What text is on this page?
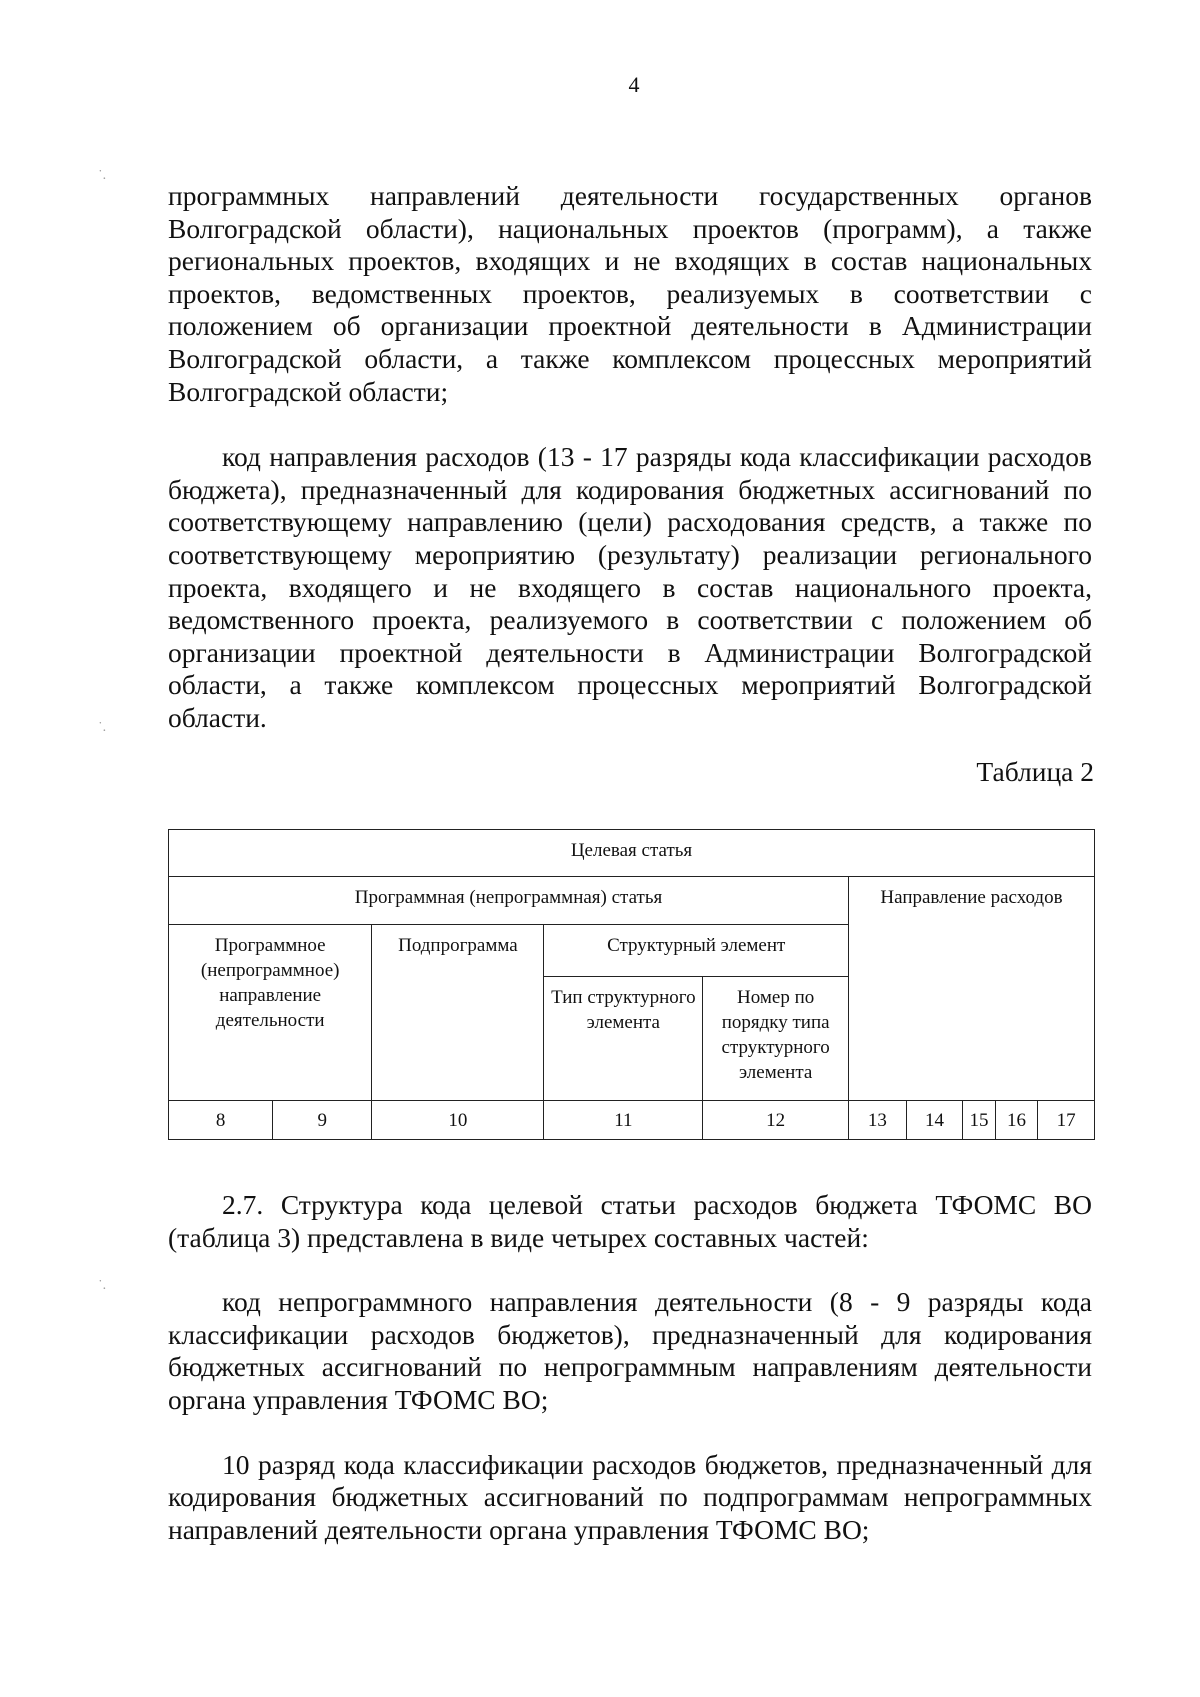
4
˙.
˙.
˙.

программных направлений деятельности государственных органов Волгоградской области), национальных проектов (программ), а также региональных проектов, входящих и не входящих в состав национальных проектов, ведомственных проектов, реализуемых в соответствии с положением об организации проектной деятельности в Администрации Волгоградской области, а также комплексом процессных мероприятий Волгоградской области;

код направления расходов (13 - 17 разряды кода классификации расходов бюджета), предназначенный для кодирования бюджетных ассигнований по соответствующему направлению (цели) расходования средств, а также по соответствующему мероприятию (результату) реализации регионального проекта, входящего и не входящего в состав национального проекта, ведомственного проекта, реализуемого в соответствии с положением об организации проектной деятельности в Администрации Волгоградской области, а также комплексом процессных мероприятий Волгоградской области.

Таблица 2
Целевая статья									
Программная (непрограммная) статья					Направление расходов				
Программное (непрограммное) направление деятельности		Подпрограмма	Структурный элемент						
			Тип структурного элемента	Номер по порядку типа структурного элемента					
8	9	10	11	12	13	14	15	16	17

2.7. Структура кода целевой статьи расходов бюджета ТФОМС ВО (таблица 3) представлена в виде четырех составных частей:

код непрограммного направления деятельности (8 - 9 разряды кода классификации расходов бюджетов), предназначенный для кодирования бюджетных ассигнований по непрограммным направлениям деятельности органа управления ТФОМС ВО;

10 разряд кода классификации расходов бюджетов, предназначенный для кодирования бюджетных ассигнований по подпрограммам непрограммных направлений деятельности органа управления ТФОМС ВО;
